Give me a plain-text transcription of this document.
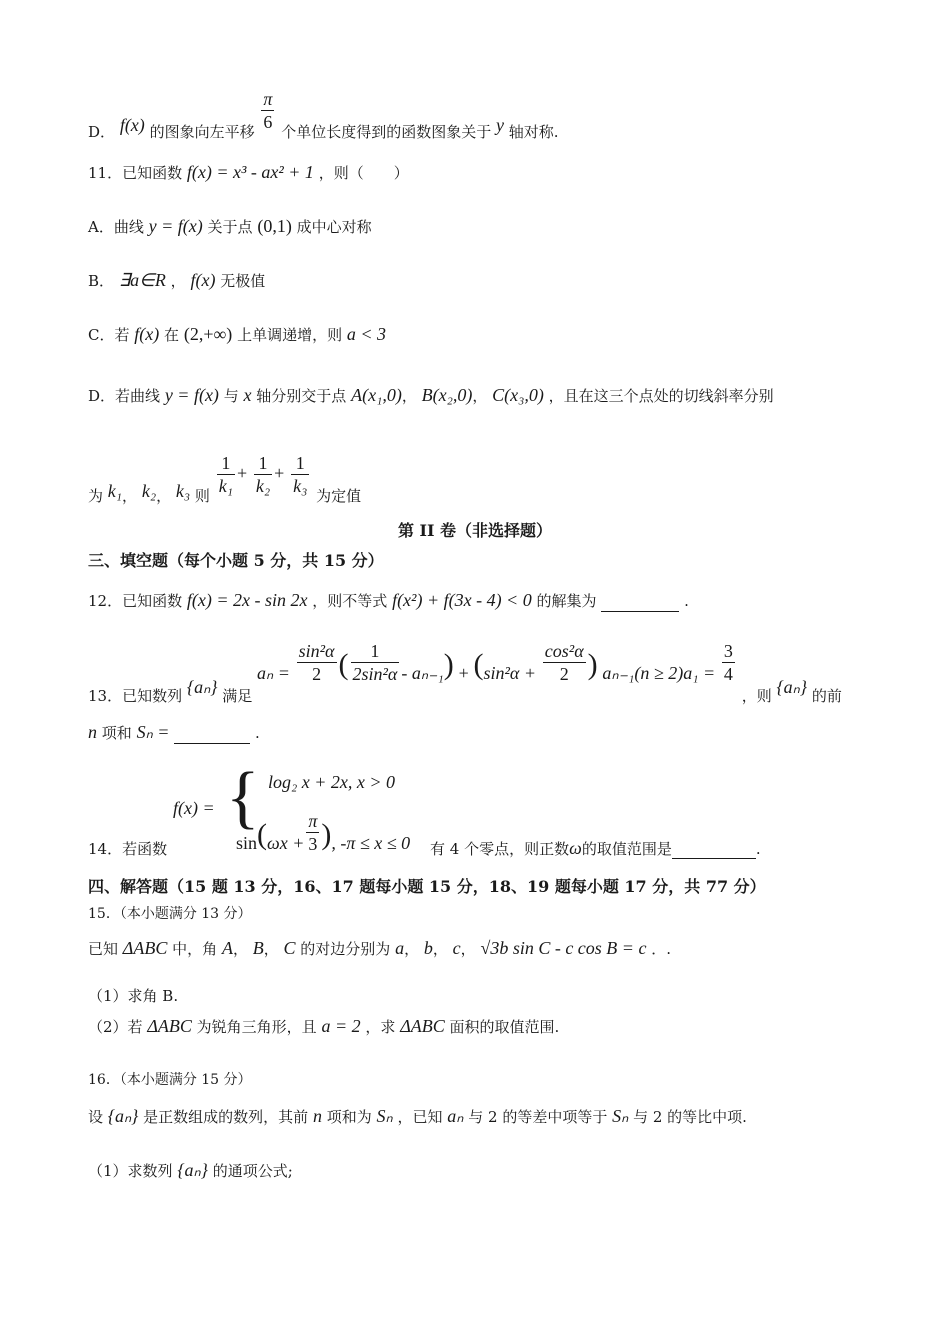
D． f(x) 的图象向左平移 $\frac{\pi}{6}$ 个单位长度得到的函数图象关于 y 轴对称.
11．已知函数 f(x) = x³ - ax² + 1 ，则（　　）
A．曲线 y = f(x) 关于点 (0,1) 成中心对称
B． ∃a∈R ， f(x) 无极值
C．若 f(x) 在 (2,+∞) 上单调递增，则 a < 3
D．若曲线 y = f(x) 与 x 轴分别交于点 A(x₁,0)， B(x₂,0)， C(x₃,0) ，且在这三个点处的切线斜率分别
为 k₁， k₂， k₃ 则 $\frac{1}{\text{k₁}} + \frac{1}{\text{k₂}} + \frac{1}{\text{k₃}}$ 为定值
第 II 卷（非选择题）
三、填空题（每个小题 5 分，共 15 分）
12．已知函数 f(x) = 2x - sin 2x ，则不等式 f(x²) + f(3x - 4) < 0 的解集为	.
13．已知数列 {aₙ} 满足 $a_n = \frac{\text{sin²α}}{2}$ ( $\frac{1}{\text{2sin²α}} - a_{n-1}) + (\sin^2\alpha + \frac{\text{cos²α}}{2}$ ) $a_{n-1}(n \ge 2)a_1 = \frac{3}{4}$
，则 {aₙ} 的前
n 项和 Sₙ =	.
14．若函数
f(x) = { log₂ x + 2x, x > 0
$\sin(\omega x + \frac{\pi}{3}$ ), -π ≤ x ≤ 0 有 4 个零点，则正数ω的取值范围是	.
四、解答题（15 题 13 分，16、17 题每小题 15 分，18、19 题每小题 17 分，共 77 分）
15．（本小题满分 13 分）
已知 ΔABC 中，角 A， B， C 的对边分别为 a， b， c， √3b sin C - c cos B = c ．.
（1）求角 B.
（2）若 ΔABC 为锐角三角形，且 a = 2 ，求 ΔABC 面积的取值范围.
16．（本小题满分 15 分）
设 {aₙ} 是正数组成的数列，其前 n 项和为 Sₙ ，已知 aₙ 与 2 的等差中项等于 Sₙ 与 2 的等比中项.
（1）求数列 {aₙ} 的通项公式;
